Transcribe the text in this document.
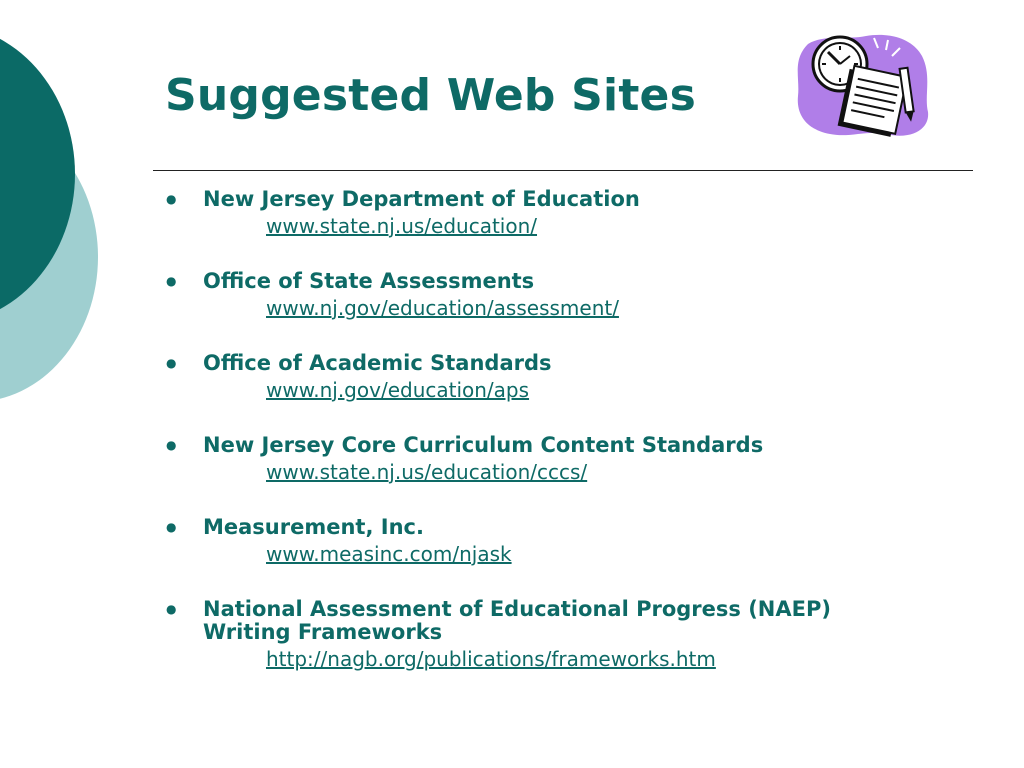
Suggested Web Sites
● New Jersey Department of Education
www.state.nj.us/education/
● Office of State Assessments
www.nj.gov/education/assessment/
● Office of Academic Standards
www.nj.gov/education/aps
● New Jersey Core Curriculum Content Standards
www.state.nj.us/education/cccs/
● Measurement, Inc.
www.measinc.com/njask
● National Assessment of Educational Progress (NAEP)
Writing Frameworks
http://nagb.org/publications/frameworks.htm
